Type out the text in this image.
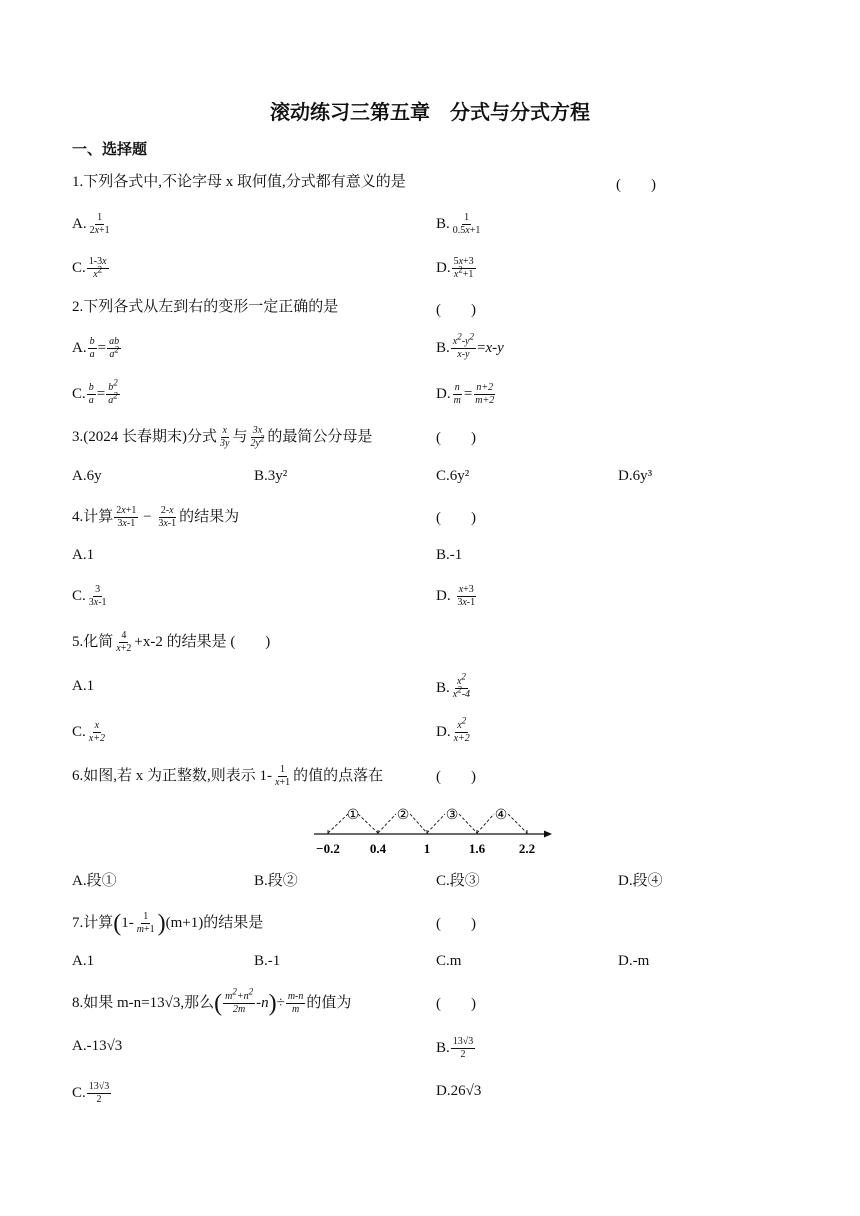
滚动练习三第五章　分式与分式方程
一、选择题
1.下列各式中,不论字母 x 取何值,分式都有意义的是	(　　)
A. $\frac{1}{2x+1}$	B. $\frac{1}{0.5x+1}$
C. $\frac{1-3x}{x^2}$	D. $\frac{5x+3}{x^2+1}$
2.下列各式从左到右的变形一定正确的是	(　　)
A. $\frac{b}{a} = \frac{ab}{a^2}$	B. $\frac{x^2-y^2}{x-y} =x-y$
C. $\frac{b}{a} = \frac{b^2}{a^2}$	D. $\frac{n}{m} = \frac{n+2}{m+2}$
3.(2024 长春期末)分式 $\frac{x}{3y}$ 与 $\frac{3x}{2y^2}$ 的最简公分母是	(　　)
A.6y	B.3y²	C.6y²	D.6y³
4.计算 $\frac{2x+1}{3x-1} - \frac{2-x}{3x-1}$ 的结果为	(　　)
A.1	B.-1
C. $\frac{3}{3x-1}$	D. $\frac{x+3}{3x-1}$
5.化简 $\frac{4}{x+2} +x-2$ 的结果是 (　　)
A.1	B. $\frac{x^2}{x^2-4}$
C. $\frac{x}{x+2}$	D. $\frac{x^2}{x+2}$
6.如图,若 x 为正整数,则表示 $1- \frac{1}{x+1}$ 的值的点落在	(　　)
①	②	③	④
−0.2 0.4	1	1.6	2.2
A.段①	B.段②	C.段③	D.段④
7.计算$(1- \frac{1}{m+1} )(m+1)$的结果是	(　　)
A.1	B.-1	C.m	D.-m
8.如果 m-n=13√3,那么( $\frac{m^2+n^2}{2m} -n)\div \frac{m-n}{m}$ 的值为	(　　)
A.-13√3	B. $\frac{13√3}{2}$
C. $\frac{13√3}{2}$	D.26√3
